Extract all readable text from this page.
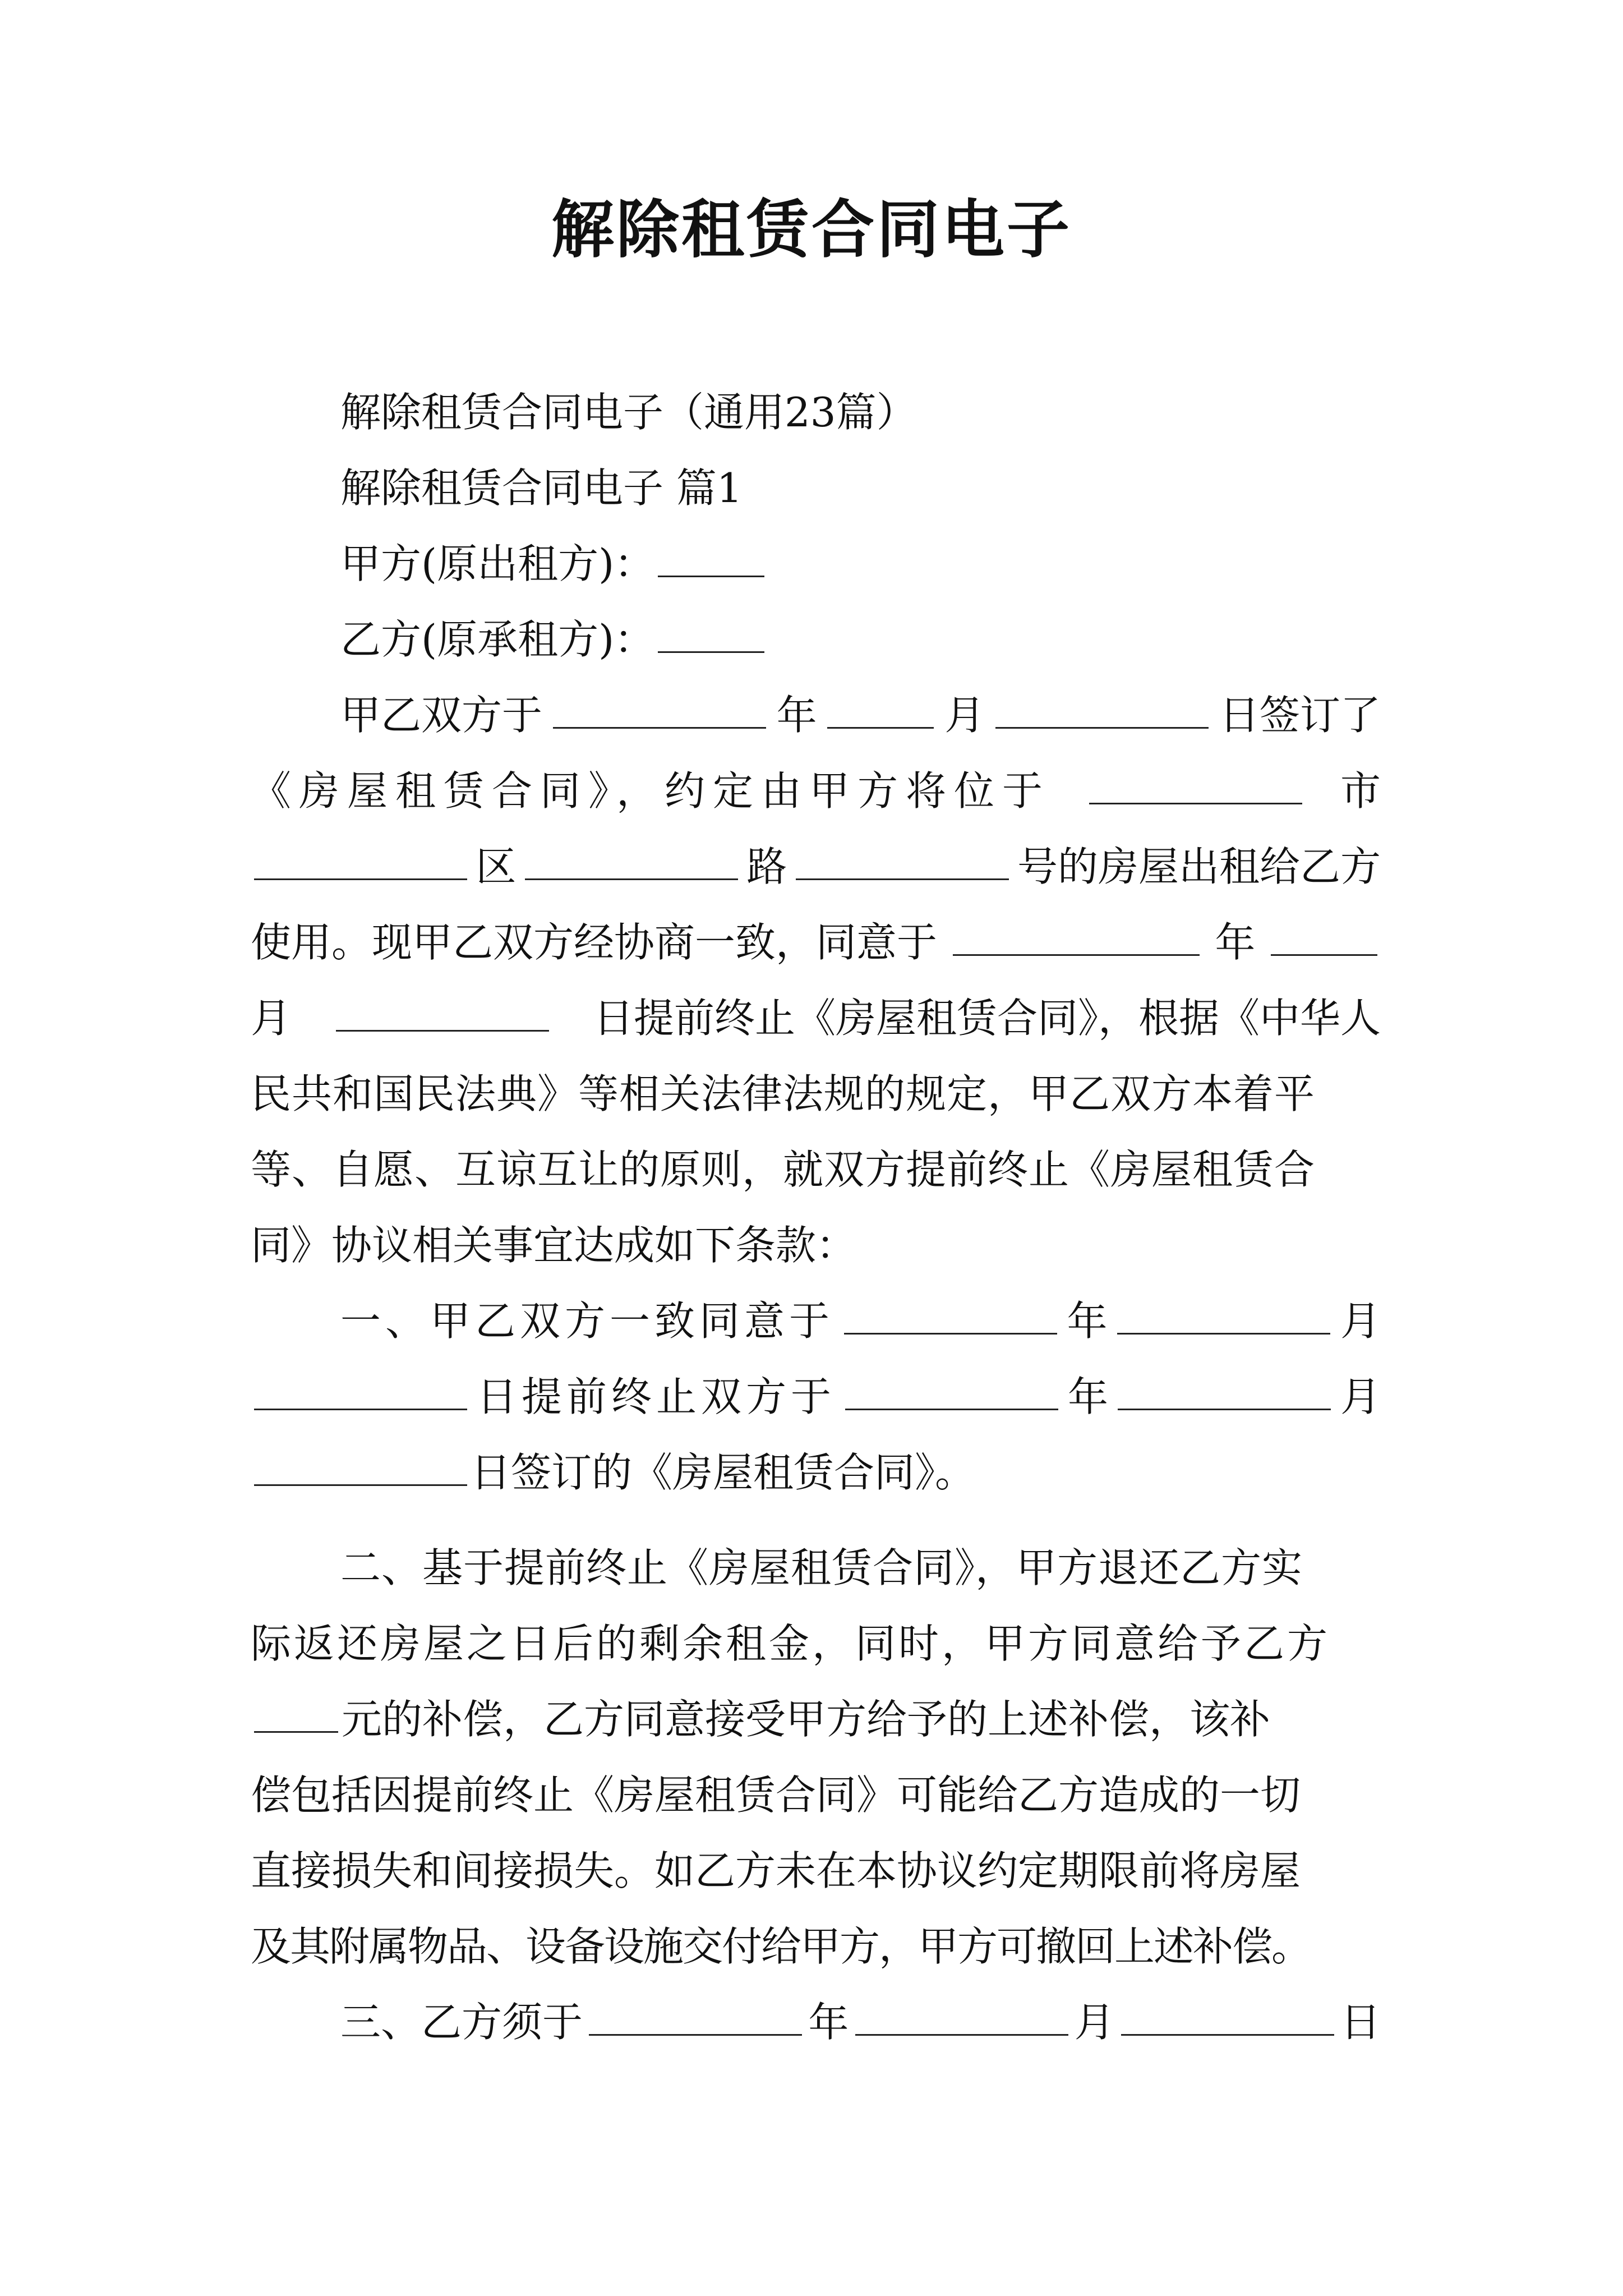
解除租赁合同电子
解除租赁合同电子（通用23篇）
解除租赁合同电子 篇1
甲方(原出租方)：
乙方(原承租方)：
甲乙双方于	年	月	日签订了
《房屋租赁合同》，约定由甲方将位于	市
区	路	号的房屋出租给乙方
使用。现甲乙双方经协商一致，同意于	年
月	日提前终止《房屋租赁合同》，根据《中华人
民共和国民法典》等相关法律法规的规定，甲乙双方本着平
等、自愿、互谅互让的原则，就双方提前终止《房屋租赁合
同》协议相关事宜达成如下条款：
一、甲乙双方一致同意于	年	月
日提前终止双方于	年	月
日签订的《房屋租赁合同》。
二、基于提前终止《房屋租赁合同》，甲方退还乙方实
际返还房屋之日后的剩余租金，同时，甲方同意给予乙方
元的补偿，乙方同意接受甲方给予的上述补偿，该补
偿包括因提前终止《房屋租赁合同》可能给乙方造成的一切
直接损失和间接损失。如乙方未在本协议约定期限前将房屋
及其附属物品、设备设施交付给甲方，甲方可撤回上述补偿。
三、乙方须于	年	月	日
